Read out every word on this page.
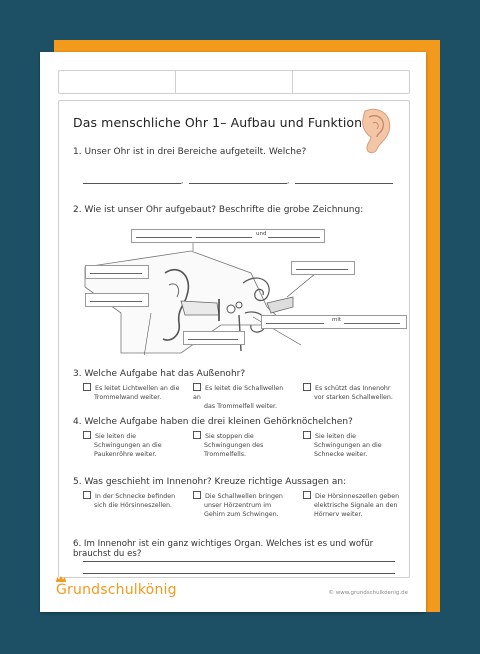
Das menschliche Ohr 1– Aufbau und Funktion
1. Unser Ohr ist in drei Bereiche aufgeteilt. Welche?
,	,
2. Wie ist unser Ohr aufgebaut? Beschrifte die grobe Zeichnung:
und
mit
3. Welche Aufgabe hat das Außenohr?
Es leitet Lichtwellen an die
Trommelwand weiter.
Es leitet die Schallwellen an
das Trommelfell weiter.
Es schützt das Innenohr
vor starken Schallwellen.
4. Welche Aufgabe haben die drei kleinen Gehörknöchelchen?
Sie leiten die
Schwingungen an die
Paukenröhre weiter.
Sie stoppen die
Schwingungen des
Trommelfells.
Sie leiten die
Schwingungen an die
Schnecke weiter.
5. Was geschieht im Innenohr? Kreuze richtige Aussagen an:
In der Schnecke befinden
sich die Hörsinneszellen.
Die Schallwellen bringen
unser Hörzentrum im
Gehirn zum Schwingen.
Die Hörsinneszellen geben
elektrische Signale an den
Hörnerv weiter.
6. Im Innenohr ist ein ganz wichtiges Organ. Welches ist es und wofür brauchst du es?
Grundschulkönig	© www.grundschulkoenig.de
